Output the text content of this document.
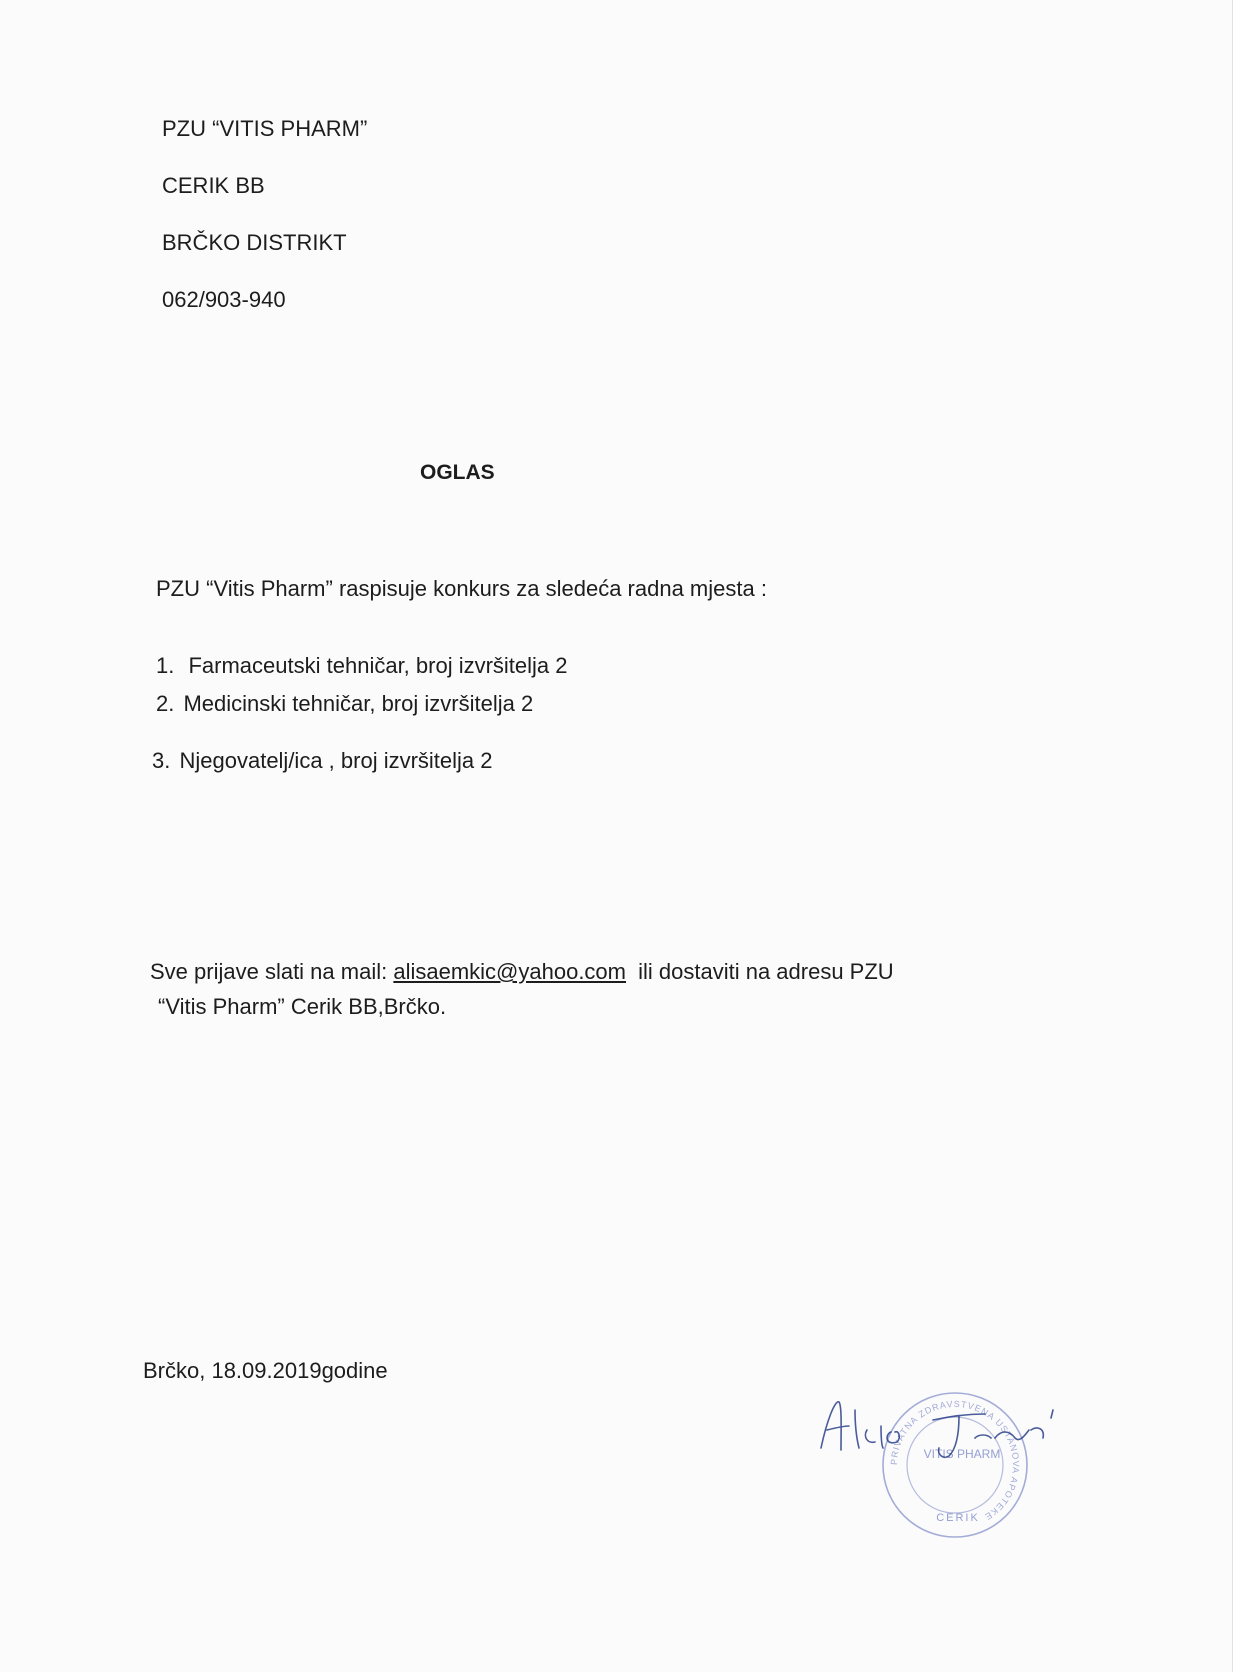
PZU “VITIS PHARM”
CERIK BB
BRČKO DISTRIKT
062/903-940
OGLAS
PZU “Vitis Pharm” raspisuje konkurs za sledeća radna mjesta :
1. Farmaceutski tehničar, broj izvršitelja 2
2. Medicinski tehničar, broj izvršitelja 2
3. Njegovatelj/ica , broj izvršitelja 2
Sve prijave slati na mail: alisaemkic@yahoo.com ili dostaviti na adresu PZU
“Vitis Pharm” Cerik BB,Brčko.
Brčko, 18.09.2019godine
PRIVATNA ZDRAVSTVENA USTANOVA APOTEKE
VITIS PHARM
CERIK
